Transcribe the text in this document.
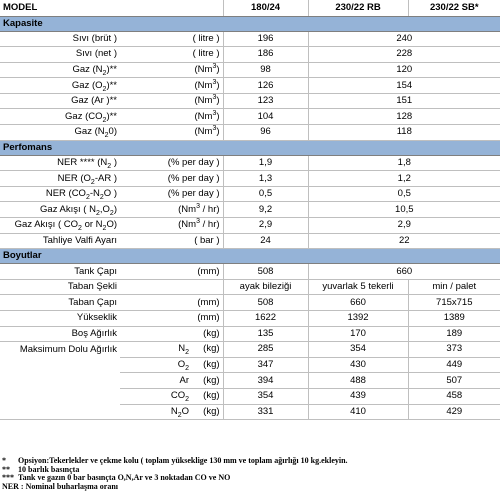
MODEL			180/24	230/22 RB	230/22 SB*
Kapasite					
Sıvı (brüt )	( litre )		196	240	
Sıvı (net )	( litre )		186	228	
Gaz $(N_2)**$	(Nm$^3$)		98	120	
Gaz $(O_2)**$	(Nm$^3$)		126	154	
Gaz (Ar )**	(Nm$^3$)		123	151	
Gaz $(CO_2)**$	(Nm$^3$)		104	128	
Gaz $(N_20)$	(Nm$^3$)		96	118	
Perfomans					
NER **** ($N_2$ )	(% per day )		1,9	1,8	
NER ($O_2-AR$ )	(% per day )		1,3	1,2	
NER ($CO_2-N_2O$ )	(% per day )		0,5	0,5	
Gaz Akışı ( $N_2,O_2$)	(Nm$^3$ / hr)		9,2	10,5	
Gaz Akışı ( $CO_2$ or $N_2O$)	(Nm$^3$ / hr)		2,9	2,9	
Tahliye Valfi Ayarı	( bar )		24	22	
Boyutlar					
Tank Çapı	(mm)		508	660	
Taban Şekli			ayak bileziği	yuvarlak 5 tekerli	min / palet
Taban Çapı	(mm)		508	660	715x715
Yükseklik	(mm)		1622	1392	1389
Boş Ağırlık	(kg)		135	170	189
Maksimum Dolu Ağırlık	$N_2$	(kg)	285	354	373
	$O_2$	(kg)	347	430	449
	Ar	(kg)	394	488	507
	$CO_2$	(kg)	354	439	458
	$N_2O$	(kg)	331	410	429
* Opsiyon:Tekerlekler ve çekme kolu ( toplam yükseklige 130 mm ve toplam ağırlığı 10 kg.ekleyin.
** 10 barlık basınçta
*** Tank ve gazın 0 bar basınçta O,N,Ar ve 3 noktadan CO ve NO
NER : Nominal buharlaşma oranı
